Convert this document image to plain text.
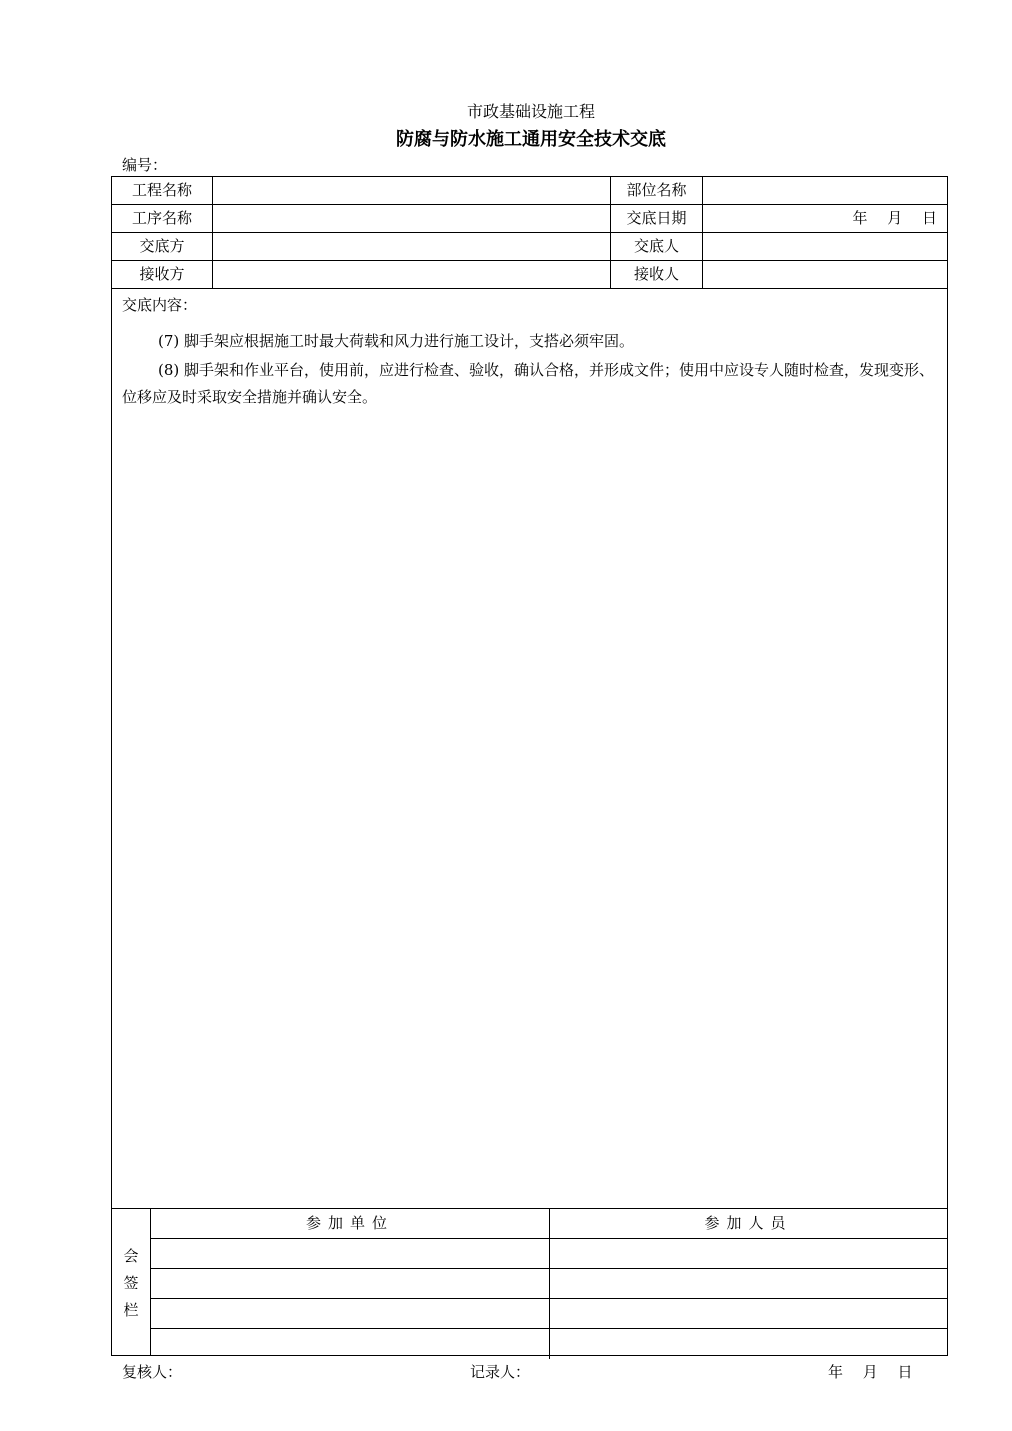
市政基础设施工程
防腐与防水施工通用安全技术交底
编号：
工程名称	部位名称
工序名称	交底日期	年　 月　 日
交底方	交底人
接收方	接收人
交底内容：
(7) 脚手架应根据施工时最大荷载和风力进行施工设计，支搭必须牢固。
(8) 脚手架和作业平台，使用前，应进行检查、验收，确认合格，并形成文件；使用中应设专人随时检查，发现变形、位移应及时采取安全措施并确认安全。
会
签
栏
参加单位	参加人员
复核人：	记录人：	年　 月　 日
